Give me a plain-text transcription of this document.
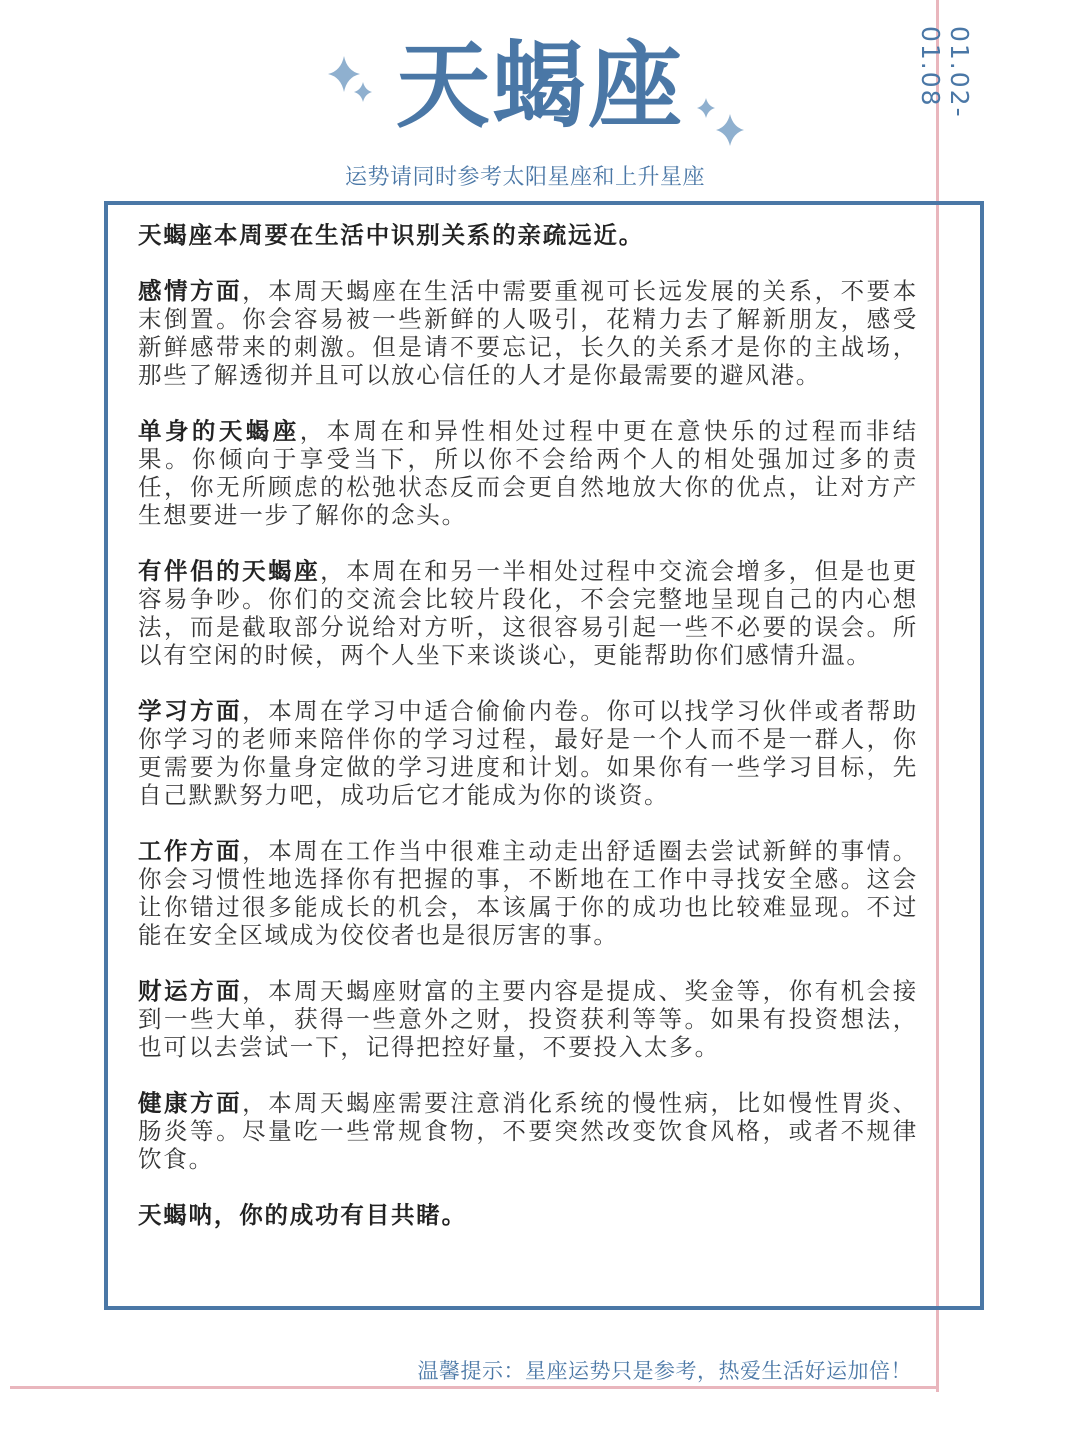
天蝎座
运势请同时参考太阳星座和上升星座
01.02-01.08

天蝎座本周要在生活中识别关系的亲疏远近。

感情方面，本周天蝎座在生活中需要重视可长远发展的关系，不要本末倒置。你会容易被一些新鲜的人吸引，花精力去了解新朋友，感受新鲜感带来的刺激。但是请不要忘记，长久的关系才是你的主战场，那些了解透彻并且可以放心信任的人才是你最需要的避风港。

单身的天蝎座，本周在和异性相处过程中更在意快乐的过程而非结果。你倾向于享受当下，所以你不会给两个人的相处强加过多的责任，你无所顾虑的松弛状态反而会更自然地放大你的优点，让对方产生想要进一步了解你的念头。

有伴侣的天蝎座，本周在和另一半相处过程中交流会增多，但是也更容易争吵。你们的交流会比较片段化，不会完整地呈现自己的内心想法，而是截取部分说给对方听，这很容易引起一些不必要的误会。所以有空闲的时候，两个人坐下来谈谈心，更能帮助你们感情升温。

学习方面，本周在学习中适合偷偷内卷。你可以找学习伙伴或者帮助你学习的老师来陪伴你的学习过程，最好是一个人而不是一群人，你更需要为你量身定做的学习进度和计划。如果你有一些学习目标，先自己默默努力吧，成功后它才能成为你的谈资。

工作方面，本周在工作当中很难主动走出舒适圈去尝试新鲜的事情。你会习惯性地选择你有把握的事，不断地在工作中寻找安全感。这会让你错过很多能成长的机会，本该属于你的成功也比较难显现。不过能在安全区域成为佼佼者也是很厉害的事。

财运方面，本周天蝎座财富的主要内容是提成、奖金等，你有机会接到一些大单，获得一些意外之财，投资获利等等。如果有投资想法，也可以去尝试一下，记得把控好量，不要投入太多。

健康方面，本周天蝎座需要注意消化系统的慢性病，比如慢性胃炎、肠炎等。尽量吃一些常规食物，不要突然改变饮食风格，或者不规律饮食。

天蝎呐，你的成功有目共睹。

温馨提示：星座运势只是参考，热爱生活好运加倍！
